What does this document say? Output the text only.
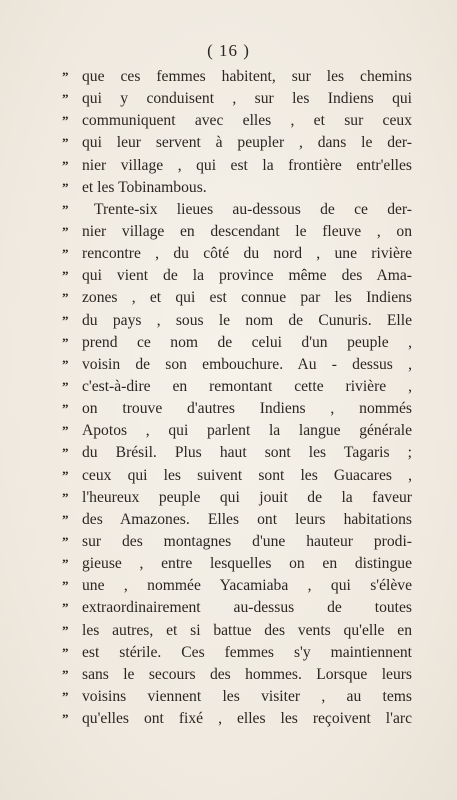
( 16 )
” que ces femmes habitent, sur les chemins
” qui y conduisent , sur les Indiens qui
” communiquent avec elles , et sur ceux
” qui leur servent à peupler , dans le der-
” nier village , qui est la frontière entr'elles
” et les Tobinambous.
”	Trente-six lieues au-dessous de ce der-
” nier village en descendant le fleuve , on
” rencontre , du côté du nord , une rivière
” qui vient de la province même des Ama-
” zones , et qui est connue par les Indiens
” du pays , sous le nom de Cunuris. Elle
” prend ce nom de celui d'un peuple ,
” voisin de son embouchure. Au - dessus ,
” c'est-à-dire en remontant cette rivière ,
” on trouve d'autres Indiens , nommés
” Apotos , qui parlent la langue générale
” du Brésil. Plus haut sont les Tagaris ;
” ceux qui les suivent sont les Guacares ,
” l'heureux peuple qui jouit de la faveur
” des Amazones. Elles ont leurs habitations
” sur des montagnes d'une hauteur prodi-
” gieuse , entre lesquelles on en distingue
” une , nommée Yacamiaba , qui s'élève
” extraordinairement au-dessus de toutes
” les autres, et si battue des vents qu'elle en
” est stérile. Ces femmes s'y maintiennent
” sans le secours des hommes. Lorsque leurs
” voisins viennent les visiter , au tems
” qu'elles ont fixé , elles les reçoivent l'arc
